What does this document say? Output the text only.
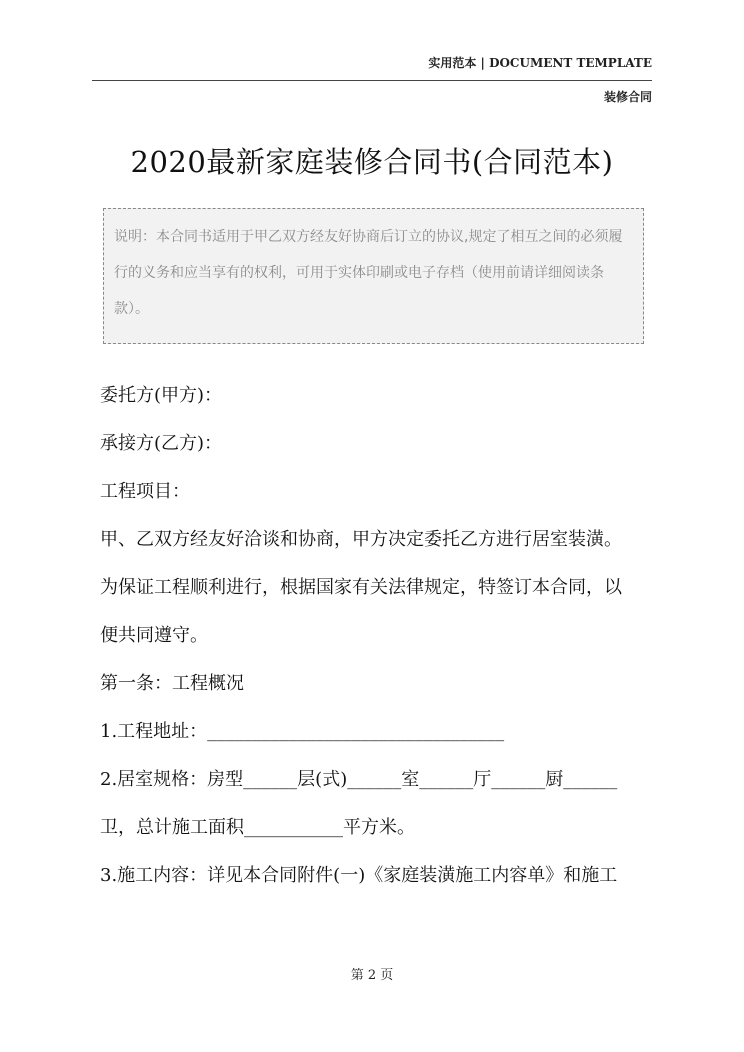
实用范本 | DOCUMENT TEMPLATE
装修合同
2020最新家庭装修合同书(合同范本)

说明：本合同书适用于甲乙双方经友好协商后订立的协议,规定了相互之间的必须履行的义务和应当享有的权利，可用于实体印刷或电子存档（使用前请详细阅读条款）。

委托方(甲方)：

承接方(乙方)：

工程项目：

甲、乙双方经友好洽谈和协商，甲方决定委托乙方进行居室装潢。

为保证工程顺利进行，根据国家有关法律规定，特签订本合同，以

便共同遵守。

第一条：工程概况

1.工程地址：_________________________________

2.居室规格：房型______层(式)______室______厅______厨______

卫，总计施工面积___________平方米。

3.施工内容：详见本合同附件(一)《家庭装潢施工内容单》和施工

第 2 页
